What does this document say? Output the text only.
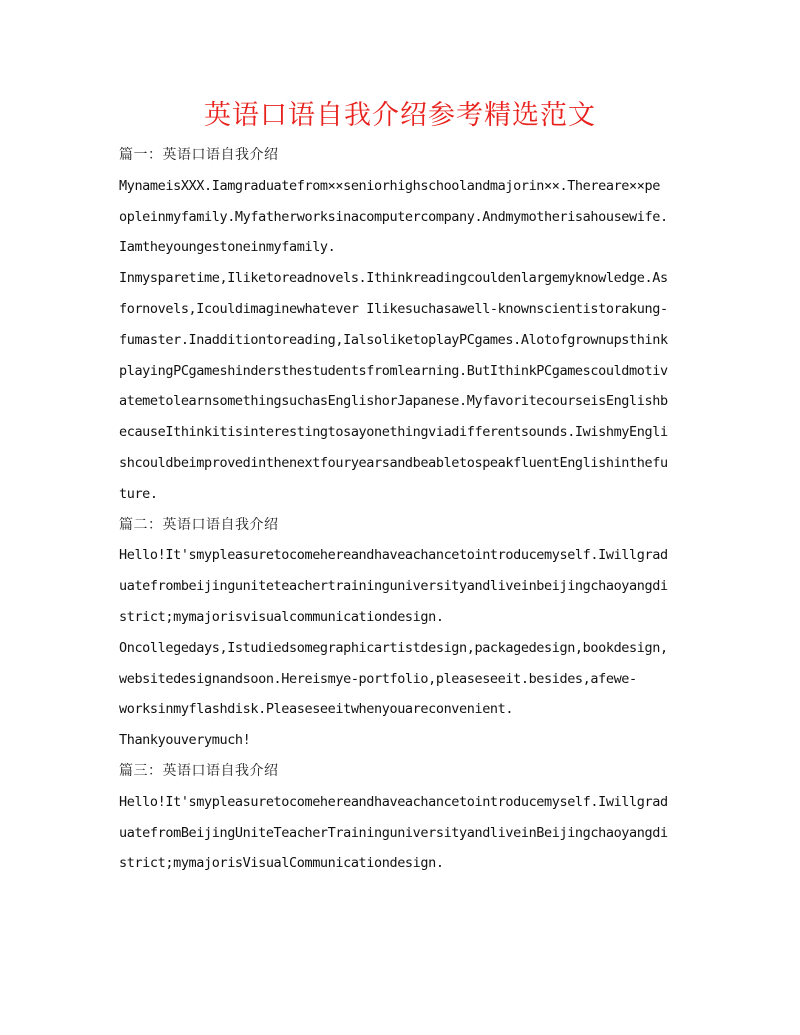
英语口语自我介绍参考精选范文
篇一：英语口语自我介绍
MynameisXXX.Iamgraduatefrom××seniorhighschoolandmajorin××.Thereare××pe
opleinmyfamily.Myfatherworksinacomputercompany.Andmymotherisahousewife.
Iamtheyoungestoneinmyfamily.
Inmysparetime,Iliketoreadnovels.Ithinkreadingcouldenlargemyknowledge.As
fornovels,Icouldimaginewhatever Ilikesuchasawell-knownscientistorakung-
fumaster.Inadditiontoreading,IalsoliketoplayPCgames.Alotofgrownupsthink
playingPCgameshindersthestudentsfromlearning.ButIthinkPCgamescouldmotiv
atemetolearnsomethingsuchasEnglishorJapanese.MyfavoritecourseisEnglishb
ecauseIthinkitisinterestingtosayonethingviadifferentsounds.IwishmyEngli
shcouldbeimprovedinthenextfouryearsandbeabletospeakfluentEnglishinthefu
ture.
篇二：英语口语自我介绍
Hello!It'smypleasuretocomehereandhaveachancetointroducemyself.Iwillgrad
uatefrombeijinguniteteachertraininguniversityandliveinbeijingchaoyangdi
strict;mymajorisvisualcommunicationdesign.
Oncollegedays,Istudiedsomegraphicartistdesign,packagedesign,bookdesign,
websitedesignandsoon.Hereismye-portfolio,pleaseseeit.besides,afewe-
worksinmyflashdisk.Pleaseseeitwhenyouareconvenient.
Thankyouverymuch!
篇三：英语口语自我介绍
Hello!It'smypleasuretocomehereandhaveachancetointroducemyself.Iwillgrad
uatefromBeijingUniteTeacherTraininguniversityandliveinBeijingchaoyangdi
strict;mymajorisVisualCommunicationdesign.
